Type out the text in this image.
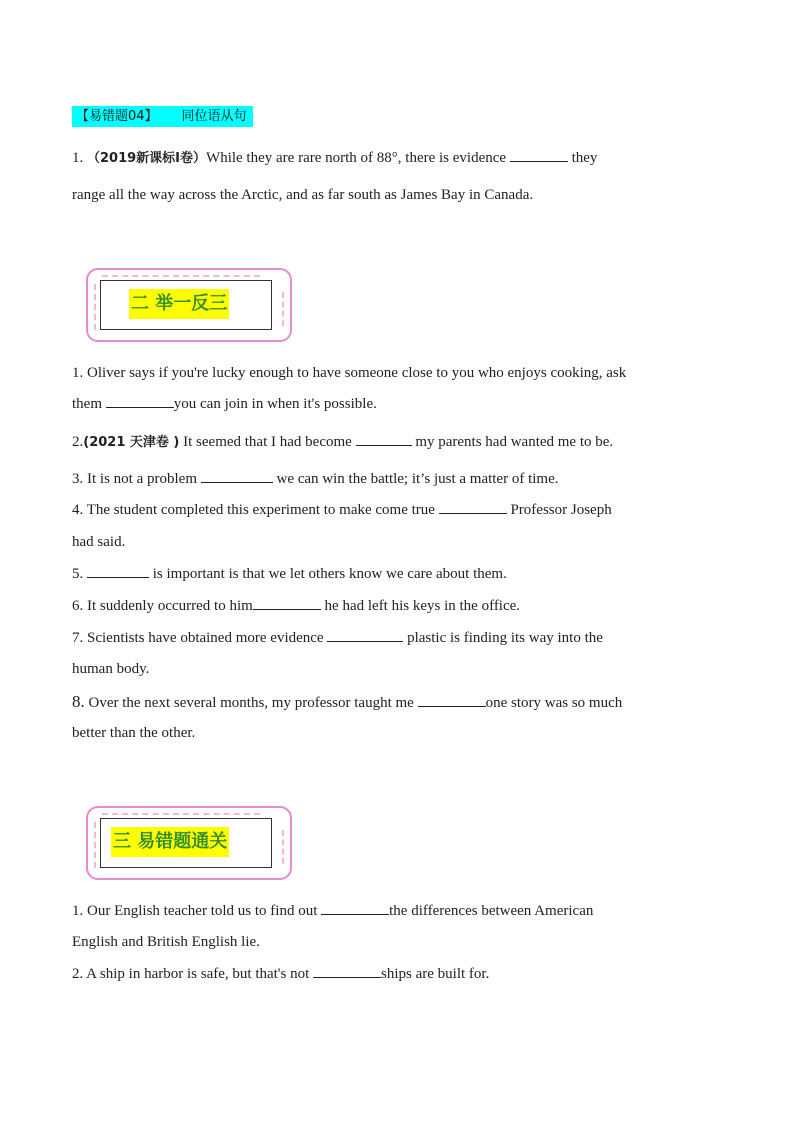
【易错题04】 同位语从句
1. （2019新课标Ⅰ卷）While they are rare north of 88°, there is evidence	they
range all the way across the Arctic, and as far south as James Bay in Canada.
二 举一反三
1. Oliver says if you're lucky enough to have someone close to you who enjoys cooking, ask
them	you can join in when it's possible.
2.(2021 天津卷 ) It seemed that I had become	my parents had wanted me to be.
3. It is not a problem	we can win the battle; it’s just a matter of time.
4. The student completed this experiment to make come true	Professor Joseph
had said.
5.	is important is that we let others know we care about them.
6. It suddenly occurred to him	he had left his keys in the office.
7. Scientists have obtained more evidence	plastic is finding its way into the
human body.
8. Over the next several months, my professor taught me	one story was so much
better than the other.
三 易错题通关
1. Our English teacher told us to find out	the differences between American
English and British English lie.
2. A ship in harbor is safe, but that's not	ships are built for.
